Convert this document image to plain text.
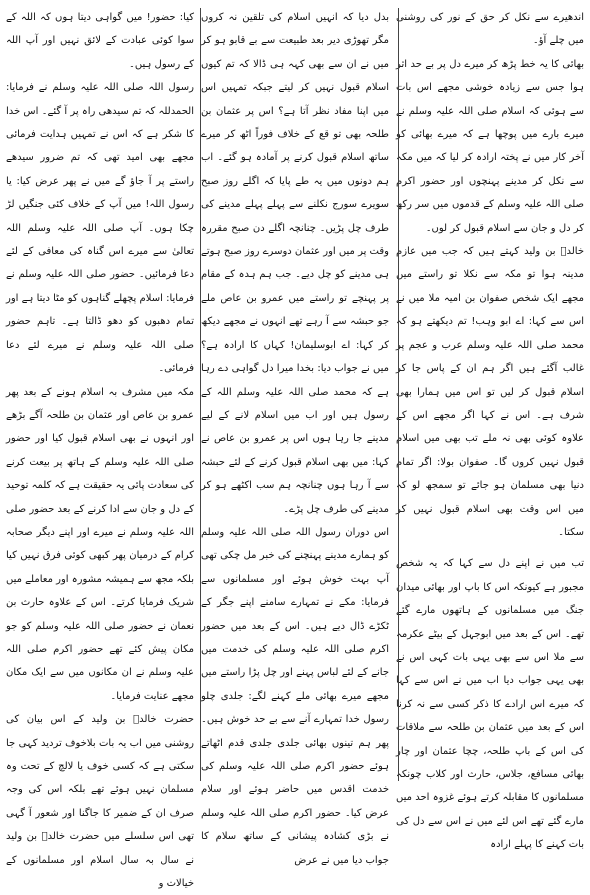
اندھیرے سے نکل کر حق کے نور کی روشنی میں چلے آؤ۔

بھائی کا یہ خط پڑھ کر میرے دل پر بے حد اثر ہوا جس سے زیادہ خوشی مجھے اس بات سے ہوئی کہ اسلام صلی اللہ علیہ وسلم نے میرے بارے میں پوچھا ہے کہ میرے بھائی کو آخر کار میں نے پختہ ارادہ کر لیا کہ میں مکہ سے نکل کر مدینے پہنچوں اور حضور اکرم صلی اللہ علیہ وسلم کے قدموں میں سر رکھ کر دل و جان سے اسلام قبول کر لوں۔

خالدؓ بن ولید کہتے ہیں کہ جب میں عازم مدینہ ہوا تو مکہ سے نکلا تو راستے میں مجھے ایک شخص صفوان بن امیہ ملا میں نے اس سے کہا: اے ابو وہب! تم دیکھتے ہو کہ محمد صلی اللہ علیہ وسلم عرب و عجم پر غالب آگئے ہیں اگر ہم ان کے پاس جا کر اسلام قبول کر لیں تو اس میں ہمارا بھی شرف ہے۔ اس نے کہا اگر مجھے اس کے علاوہ کوئی بھی نہ ملے تب بھی میں اسلام قبول نہیں کروں گا۔ صفوان بولا: اگر تمام دنیا بھی مسلمان ہو جائے تو سمجھ لو کہ میں اس وقت بھی اسلام قبول نہیں کر سکتا۔

تب میں نے اپنے دل سے کہا کہ یہ شخص مجبور ہے کیونکہ اس کا باپ اور بھائی میدان جنگ میں مسلمانوں کے ہاتھوں مارے گئے تھے۔ اس کے بعد میں ابوجہل کے بیٹے عکرمہ سے ملا اس سے بھی یہی بات کہی اس نے بھی یہی جواب دیا اب میں نے اس سے کہا کہ میرے اس ارادے کا ذکر کسی سے نہ کرنا اس کے بعد میں عثمان بن طلحہ سے ملاقات کی اس کے باپ طلحہ، چچا عثمان اور چار بھائی مسافع، جلاس، حارث اور کلاب چونکہ مسلمانوں کا مقابلہ کرتے ہوئے غزوہ احد میں مارے گئے تھے اس لئے میں نے اس سے دل کی بات کہنے کا پہلے ارادہ

بدل دیا کہ انہیں اسلام کی تلقین نہ کروں مگر تھوڑی دیر بعد طبیعت سے بے قابو ہو کر میں نے ان سے بھی کہہ ہی ڈالا کہ تم کیوں اسلام قبول نہیں کر لیتے جبکہ تمہیں اس میں اپنا مفاد نظر آتا ہے؟ اس پر عثمان بن طلحہ بھی تو قع کے خلاف فوراً اٹھ کر میرے ساتھ اسلام قبول کرنے پر آمادہ ہو گئے۔ اب ہم دونوں میں یہ طے پایا کہ اگلے روز صبح سویرے سورج نکلنے سے پہلے پہلے مدینے کی طرف چل پڑیں۔ چنانچہ اگلے دن صبح مقررہ وقت پر میں اور عثمان دوسرے روز صبح ہوتے ہی مدینے کو چل دیے۔ جب ہم ہدہ کے مقام پر پہنچے تو راستے میں عمرو بن عاص ملے جو حبشہ سے آ رہے تھے انہوں نے مجھے دیکھ کر کہا: اے ابوسلیمان! کہاں کا ارادہ ہے؟ میں نے جواب دیا: بخدا میرا دل گواہی دے رہا ہے کہ محمد صلی اللہ علیہ وسلم اللہ کے رسول ہیں اور اب میں اسلام لانے کے لیے مدینے جا رہا ہوں اس پر عمرو بن عاص نے کہا: میں بھی اسلام قبول کرنے کے لئے حبشہ سے آ رہا ہوں چنانچہ ہم سب اکٹھے ہو کر مدینے کی طرف چل پڑے۔

اس دوران رسول اللہ صلی اللہ علیہ وسلم کو ہمارے مدینے پہنچنے کی خبر مل چکی تھی آپ بہت خوش ہوئے اور مسلمانوں سے فرمایا: مکے نے تمہارے سامنے اپنے جگر کے ٹکڑے ڈال دیے ہیں۔ اس کے بعد میں حضور اکرم صلی اللہ علیہ وسلم کی خدمت میں جانے کے لئے لباس پہنے اور چل پڑا راستے میں مجھے میرے بھائی ملے کہنے لگے: جلدی چلو رسول خدا تمہارے آنے سے بے حد خوش ہیں۔ پھر ہم تینوں بھائی جلدی جلدی قدم اٹھاتے ہوئے حضور اکرم صلی اللہ علیہ وسلم کی خدمت اقدس میں حاضر ہوئے اور سلام عرض کیا۔ حضور اکرم صلی اللہ علیہ وسلم نے بڑی کشادہ پیشانی کے ساتھ سلام کا جواب دیا میں نے عرض

کیا: حضور! میں گواہی دیتا ہوں کہ اللہ کے سوا کوئی عبادت کے لائق نہیں اور آپ اللہ کے رسول ہیں۔

رسول اللہ صلی اللہ علیہ وسلم نے فرمایا: الحمدللہ کہ تم سیدھی راہ پر آ گئے۔ اس خدا کا شکر ہے کہ اس نے تمہیں ہدایت فرمائی مجھے بھی امید تھی کہ تم ضرور سیدھے راستے پر آ جاؤ گے میں نے پھر عرض کیا: یا رسول اللہ! میں آپ کے خلاف کئی جنگیں لڑ چکا ہوں۔ آپ صلی اللہ علیہ وسلم اللہ تعالیٰ سے میرے اس گناہ کی معافی کے لئے دعا فرمائیں۔ حضور صلی اللہ علیہ وسلم نے فرمایا: اسلام پچھلے گناہوں کو مٹا دیتا ہے اور تمام دھبوں کو دھو ڈالتا ہے۔ تاہم حضور صلی اللہ علیہ وسلم نے میرے لئے دعا فرمائی۔

مکہ میں مشرف بہ اسلام ہونے کے بعد پھر عمرو بن عاص اور عثمان بن طلحہ آگے بڑھے اور انہوں نے بھی اسلام قبول کیا اور حضور صلی اللہ علیہ وسلم کے ہاتھ پر بیعت کرنے کی سعادت پائی یہ حقیقت ہے کہ کلمہ توحید کے دل و جان سے ادا کرنے کے بعد حضور صلی اللہ علیہ وسلم نے میرے اور اپنے دیگر صحابہ کرام کے درمیان پھر کبھی کوئی فرق نہیں کیا بلکہ مجھ سے ہمیشہ مشورہ اور معاملے میں شریک فرمایا کرتے۔ اس کے علاوہ حارث بن نعمان نے حضور صلی اللہ علیہ وسلم کو جو مکان پیش کئے تھے حضور اکرم صلی اللہ علیہ وسلم نے ان مکانوں میں سے ایک مکان مجھے عنایت فرمایا۔

حضرت خالدؓ بن ولید کے اس بیان کی روشنی میں اب یہ بات بلاخوف تردید کہی جا سکتی ہے کہ کسی خوف یا لالچ کے تحت وہ مسلمان نہیں ہوئے تھے بلکہ اس کی وجہ صرف ان کے ضمیر کا جاگنا اور شعور آ گہی تھی اس سلسلے میں حضرت خالدؓ بن ولید نے سال بہ سال اسلام اور مسلمانوں کے خیالات و
